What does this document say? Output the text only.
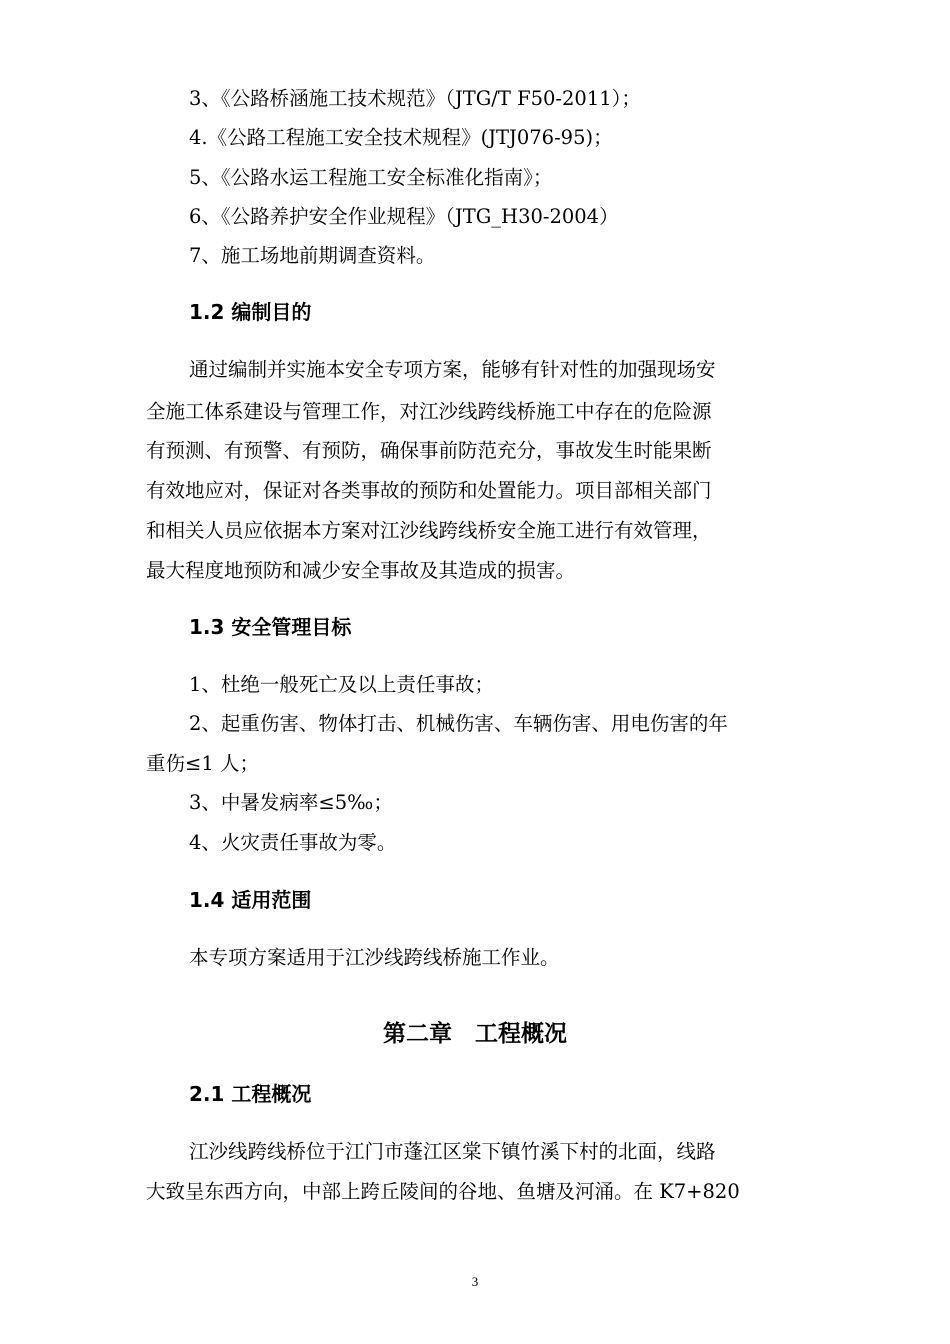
3、《公路桥涵施工技术规范》（JTG/T F50-2011）；
4.《公路工程施工安全技术规程》(JTJ076-95)；
5、《公路水运工程施工安全标准化指南》；
6、《公路养护安全作业规程》（JTG_H30-2004）
7、施工场地前期调查资料。
1.2 编制目的
通过编制并实施本安全专项方案，能够有针对性的加强现场安
全施工体系建设与管理工作，对江沙线跨线桥施工中存在的危险源
有预测、有预警、有预防，确保事前防范充分，事故发生时能果断
有效地应对，保证对各类事故的预防和处置能力。项目部相关部门
和相关人员应依据本方案对江沙线跨线桥安全施工进行有效管理，
最大程度地预防和减少安全事故及其造成的损害。
1.3 安全管理目标
1、杜绝一般死亡及以上责任事故；
2、起重伤害、物体打击、机械伤害、车辆伤害、用电伤害的年
重伤≤1 人；
3、中暑发病率≤5‰；
4、火灾责任事故为零。
1.4 适用范围
本专项方案适用于江沙线跨线桥施工作业。
第二章　工程概况
2.1 工程概况
江沙线跨线桥位于江门市蓬江区棠下镇竹溪下村的北面，线路
大致呈东西方向，中部上跨丘陵间的谷地、鱼塘及河涌。在 K7+820
3
